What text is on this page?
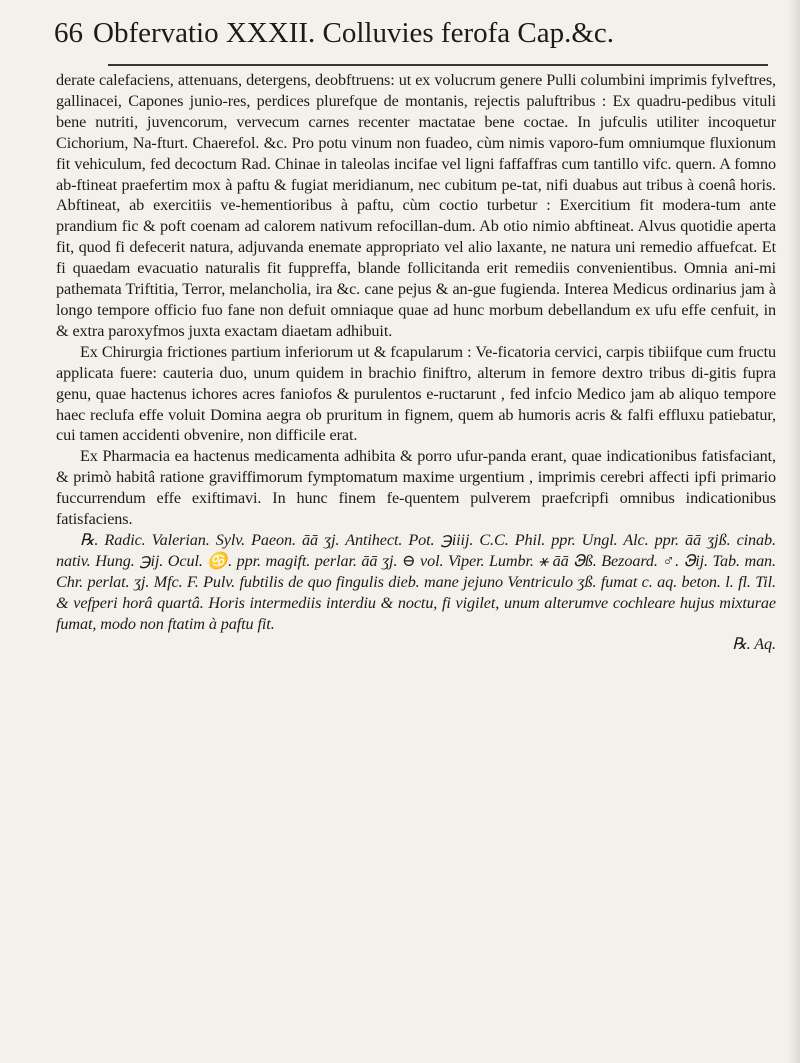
66 Obfervatio XXXII. Colluvies ferofa Cap.&c.

derate calefaciens, attenuans, detergens, deobftruens: ut ex volucrum genere Pulli columbini imprimis fylveftres, gallinacei, Capones junio-res, perdices plurefque de montanis, rejectis paluftribus : Ex quadru-pedibus vituli bene nutriti, juvencorum, vervecum carnes recenter mactatae bene coctae. In jufculis utiliter incoquetur Cichorium, Na-fturt. Chaerefol. &c. Pro potu vinum non fuadeo, cùm nimis vaporo-fum omniumque fluxionum fit vehiculum, fed decoctum Rad. Chinae in taleolas incifae vel ligni faffaffras cum tantillo vifc. quern. A fomno ab-ftineat praefertim mox à paftu & fugiat meridianum, nec cubitum pe-tat, nifi duabus aut tribus à coenâ horis. Abftineat, ab exercitiis ve-hementioribus à paftu, cùm coctio turbetur : Exercitium fit modera-tum ante prandium fic & poft coenam ad calorem nativum refocillan-dum. Ab otio nimio abftineat. Alvus quotidie aperta fit, quod fi defecerit natura, adjuvanda enemate appropriato vel alio laxante, ne natura uni remedio affuefcat. Et fi quaedam evacuatio naturalis fit fuppreffa, blande follicitanda erit remediis convenientibus. Omnia ani-mi pathemata Triftitia, Terror, melancholia, ira &c. cane pejus & an-gue fugienda. Interea Medicus ordinarius jam à longo tempore officio fuo fane non defuit omniaque quae ad hunc morbum debellandum ex ufu effe cenfuit, in & extra paroxyfmos juxta exactam diaetam adhibuit.

Ex Chirurgia frictiones partium inferiorum ut & fcapularum : Ve-ficatoria cervici, carpis tibiifque cum fructu applicata fuere: cauteria duo, unum quidem in brachio finiftro, alterum in femore dextro tribus di-gitis fupra genu, quae hactenus ichores acres faniofos & purulentos e-ructarunt , fed infcio Medico jam ab aliquo tempore haec reclufa effe voluit Domina aegra ob pruritum in fignem, quem ab humoris acris & falfi effluxu patiebatur, cui tamen accidenti obvenire, non difficile erat.

Ex Pharmacia ea hactenus medicamenta adhibita & porro ufur-panda erant, quae indicationibus fatisfaciant, & primò habitâ ratione graviffimorum fymptomatum maxime urgentium , imprimis cerebri affecti ipfi primario fuccurrendum effe exiftimavi. In hunc finem fe-quentem pulverem praefcripfi omnibus indicationibus fatisfaciens.

℞. Radic. Valerian. Sylv. Paeon. āā ʒj. Antihect. Pot. ℈iiij. C.C. Phil. ppr. Ungl. Alc. ppr. āā ʒjß. cinab. nativ. Hung. ℈ij. Ocul. ♋. ppr. magift. perlar. āā ʒj. ⊖ vol. Viper. Lumbr. ⚹ āā ℈ß. Bezoard. ♂. ℈ij. Tab. man. Chr. perlat. ʒj. Mfc. F. Pulv. fubtilis de quo fingulis dieb. mane jejuno Ventriculo ʒß. fumat c. aq. beton. l. fl. Til. & vefperi horâ quartâ. Horis intermediis interdiu & noctu, fi vigilet, unum alterumve cochleare hujus mixturae fumat, modo non ftatim à paftu fit.

℞. Aq.
